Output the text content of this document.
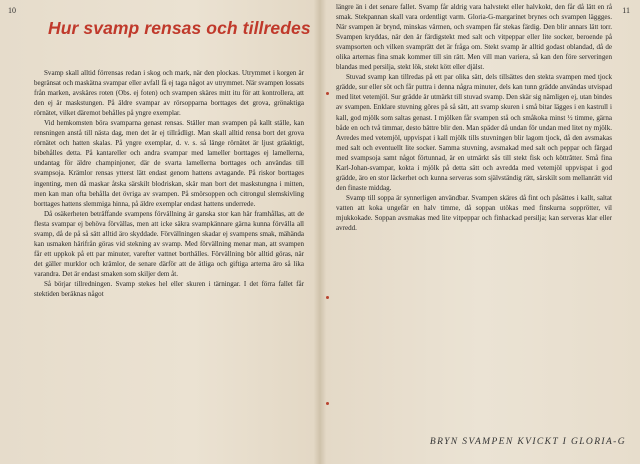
10
Hur svamp rensas och tillredes

Svamp skall alltid förrensas redan i skog och mark, när den plockas. Utrymmet i korgen är begränsat och maskätna svampar eller avfall få ej taga något av utrymmet. När svampen lossats från marken, avskäres roten (Obs. ej foten) och svampen skäres mitt itu för att kontrollera, att den ej är maskstungen. På äldre svampar av rörsopparna borttages det grova, grönaktiga rörnätet, vilket däremot behålles på yngre exemplar.

Vid hemkomsten böra svamparna genast rensas. Ställer man svampen på kallt ställe, kan rensningen anstå till nästa dag, men det är ej tillrådligt. Man skall alltid rensa bort det grova rörnätet och hatten skalas. På yngre exemplar, d. v. s. så länge rörnätet är ljust gräaktigt, bibehålles detta. På kantareller och andra svampar med lameller borttages ej lamellerna, undantag för äldre champinjoner, där de svarta lamellerna borttages och användas till svampsoja. Krämlor rensas ytterst lätt endast genom hattens avtagande. På riskor borttages ingenting, men då maskar åtska särskilt blodriskan, skär man bort det maskstungna i mitten, men kan man ofta behålla det övriga av svampen. På smörsoppen och citrongul slemskivling borttages hattens slemmiga hinna, på äldre exemplar endast hattens underrede.

Då osäkerheten beträffande svampens förvällning är ganska stor kan här framhållas, att de flesta svampar ej behöva förvällas, men att icke säkra svampkännare gärna kunna förvälla all svamp, då de på så sätt alltid äro skyddade. Förvällningen skadar ej svampens smak, mähända kan usmaken härifrån göras vid stekning av svamp. Med förvällning menar man, att svampen får ett uppkok på ett par minuter, varefter vattnet borthälles. Förvällning bör alltid göras, när det gäller murklor och krämlor, de senare därför att de ätliga och giftiga arterna äro så lika varandra. Det är endast smaken som skiljer dem åt.

Så börjar tillredningen. Svamp stekes hel eller skuren i tärningar. I det förra fallet får stektiden beräknas något

11

längre än i det senare fallet. Svamp får aldrig vara halvstekt eller halvkokt, den får då lätt en rå smak. Stekpannan skall vara ordentligt varm. Gloria-G-margarinet brynes och svampen läggges. När svampen är brynd, minskas värmen, och svampen får stekas färdig. Den blir annars lätt torr. Svampen kryddas, när den är färdigstekt med salt och vitpeppar eller lite socker, beroende på svampsorten och vilken svamprätt det är fråga om. Stekt svamp är alltid godast oblandad, då de olika arternas fina smak kommer till sin rätt. Men vill man variera, så kan den före serveringen blandas med persilja, stekt lök, stekt kött eller djälst.

Stuvad svamp kan tillredas på ett par olika sätt, dels tillsättes den stekta svampen med tjock grädde, sur eller söt och får puttra i denna några minuter, dels kan tunn grädde användas utvispad med litet vetemjöl. Sur grädde är utmärkt till stuvad svamp. Den skär sig nämligen ej, utan bindes av svampen. Enklare stuvning göres på så sätt, att svamp skuren i små bitar lägges i en kastrull i kall, god mjölk som saltas genast. I mjölken får svampen stå och småkoka minst ½ timme, gärna både en och två timmar, desto bättre blir den. Man späder då undan för undan med litet ny mjölk. Avredes med vetemjöl, uppvispat i kall mjölk tills stuvningen blir lagom tjock, då den avsmakas med salt och eventuellt lite socker. Samma stuvning, avsmakad med salt och peppar och färgad med svampsoja samt något förtunnad, är en utmärkt sås till stekt fisk och köttrãtter. Små fina Karl-Johan-svampar, kokta i mjölk på detta sätt och avredda med vetemjöl uppvispat i god grädde, äro en stor läckerhet och kunna serveras som självständig rätt, särskilt som mellanrätt vid den finaste middag.

Svamp till soppa är synnerligen användbar. Svampen skäres då fint och påsättes i kallt, saltat vatten att koka ungefär en halv timme, då soppan utökas med finskurna sopprötter, vil mjukkokade. Soppan avsmakas med lite vitpeppar och finhackad persilja; kan serveras klar eller avredd.

BRYN SVAMPEN KVICKT I GLORIA-G
